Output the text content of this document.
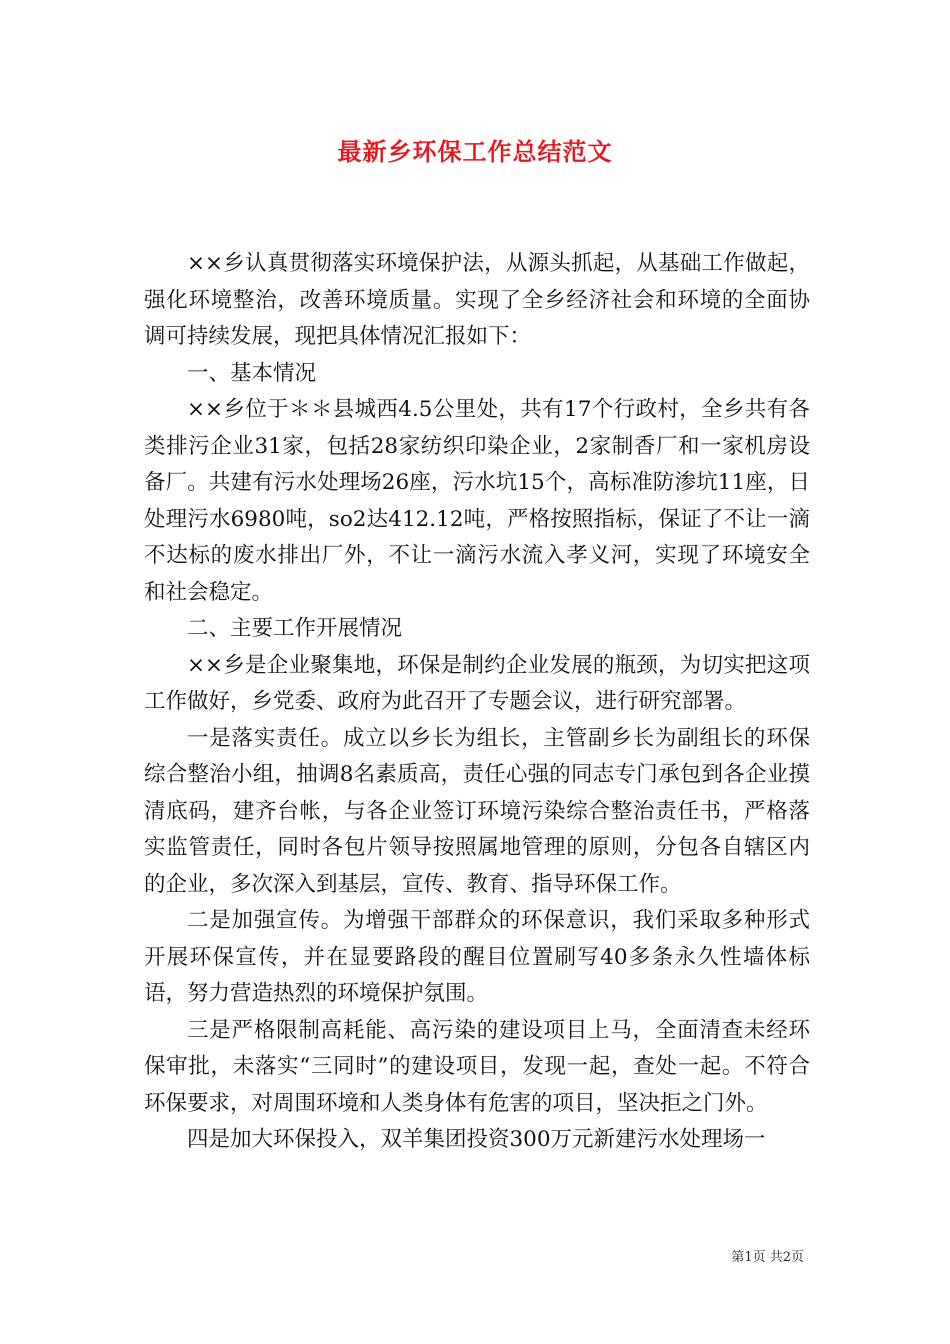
最新乡环保工作总结范文

××乡认真贯彻落实环境保护法，从源头抓起，从基础工作做起，强化环境整治，改善环境质量。实现了全乡经济社会和环境的全面协调可持续发展，现把具体情况汇报如下：

一、基本情况

××乡位于＊＊县城西4.5公里处，共有17个行政村，全乡共有各类排污企业31家，包括28家纺织印染企业，2家制香厂和一家机房设备厂。共建有污水处理场26座，污水坑15个，高标准防渗坑11座，日处理污水6980吨，so2达412.12吨，严格按照指标，保证了不让一滴不达标的废水排出厂外，不让一滴污水流入孝义河，实现了环境安全和社会稳定。

二、主要工作开展情况

××乡是企业聚集地，环保是制约企业发展的瓶颈，为切实把这项工作做好，乡党委、政府为此召开了专题会议，进行研究部署。

一是落实责任。成立以乡长为组长，主管副乡长为副组长的环保综合整治小组，抽调8名素质高，责任心强的同志专门承包到各企业摸清底码，建齐台帐，与各企业签订环境污染综合整治责任书，严格落实监管责任，同时各包片领导按照属地管理的原则，分包各自辖区内的企业，多次深入到基层，宣传、教育、指导环保工作。

二是加强宣传。为增强干部群众的环保意识，我们采取多种形式开展环保宣传，并在显要路段的醒目位置刷写40多条永久性墙体标语，努力营造热烈的环境保护氛围。

三是严格限制高耗能、高污染的建设项目上马，全面清查未经环保审批，未落实“三同时”的建设项目，发现一起，查处一起。不符合环保要求，对周围环境和人类身体有危害的项目，坚决拒之门外。

四是加大环保投入，双羊集团投资300万元新建污水处理场一

第1页 共2页
